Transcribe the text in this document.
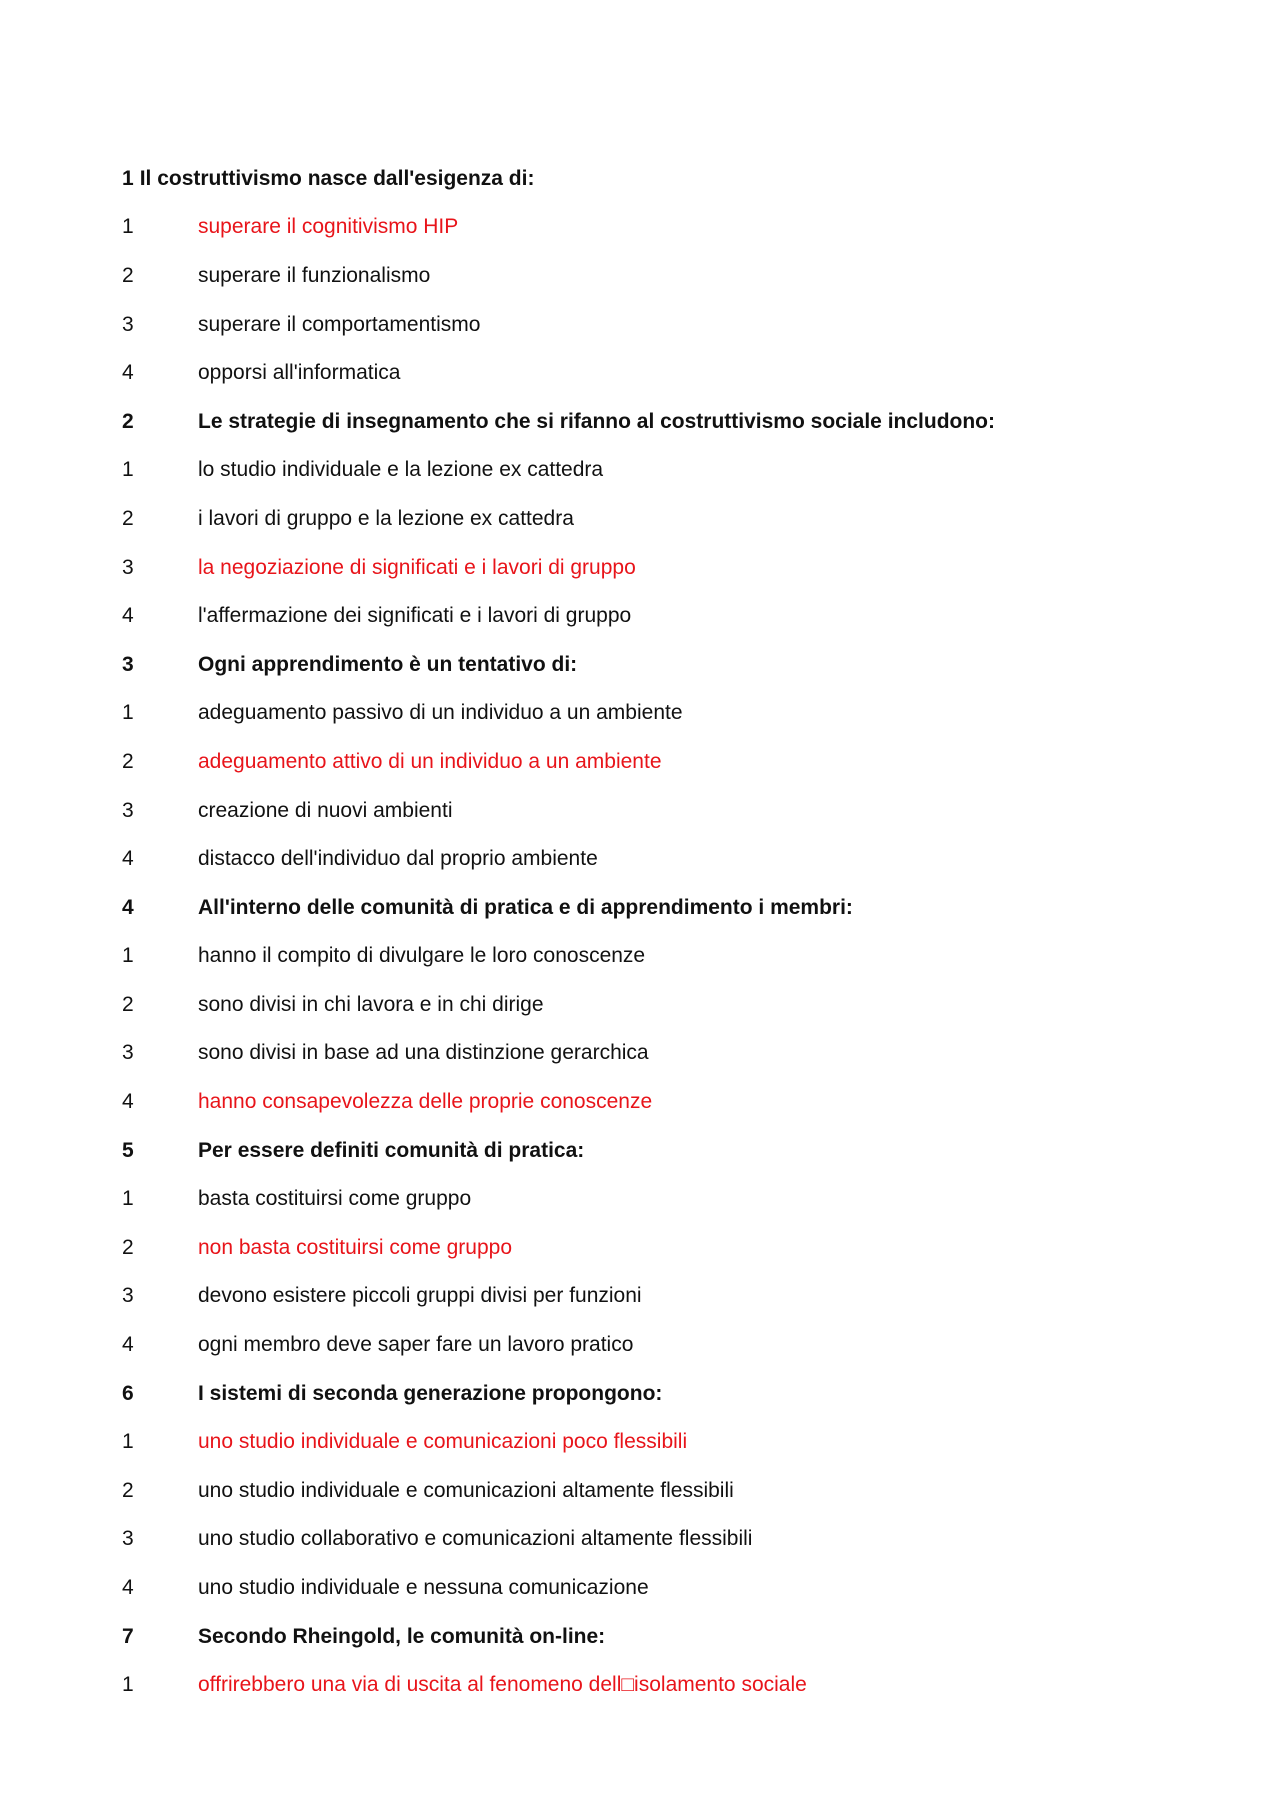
1 Il costruttivismo nasce dall'esigenza di:
1	superare il cognitivismo HIP
2	superare il funzionalismo
3	superare il comportamentismo
4	opporsi all'informatica
2	Le strategie di insegnamento che si rifanno al costruttivismo sociale includono:
1	lo studio individuale e la lezione ex cattedra
2	i lavori di gruppo e la lezione ex cattedra
3	la negoziazione di significati e i lavori di gruppo
4	l'affermazione dei significati e i lavori di gruppo
3	Ogni apprendimento è un tentativo di:
1	adeguamento passivo di un individuo a un ambiente
2	adeguamento attivo di un individuo a un ambiente
3	creazione di nuovi ambienti
4	distacco dell'individuo dal proprio ambiente
4	All'interno delle comunità di pratica e di apprendimento i membri:
1	hanno il compito di divulgare le loro conoscenze
2	sono divisi in chi lavora e in chi dirige
3	sono divisi in base ad una distinzione gerarchica
4	hanno consapevolezza delle proprie conoscenze
5	Per essere definiti comunità di pratica:
1	basta costituirsi come gruppo
2	non basta costituirsi come gruppo
3	devono esistere piccoli gruppi divisi per funzioni
4	ogni membro deve saper fare un lavoro pratico
6	I sistemi di seconda generazione propongono:
1	uno studio individuale e comunicazioni poco flessibili
2	uno studio individuale e comunicazioni altamente flessibili
3	uno studio collaborativo e comunicazioni altamente flessibili
4	uno studio individuale e nessuna comunicazione
7	Secondo Rheingold, le comunità on-line:
1	offrirebbero una via di uscita al fenomeno dell□isolamento sociale
